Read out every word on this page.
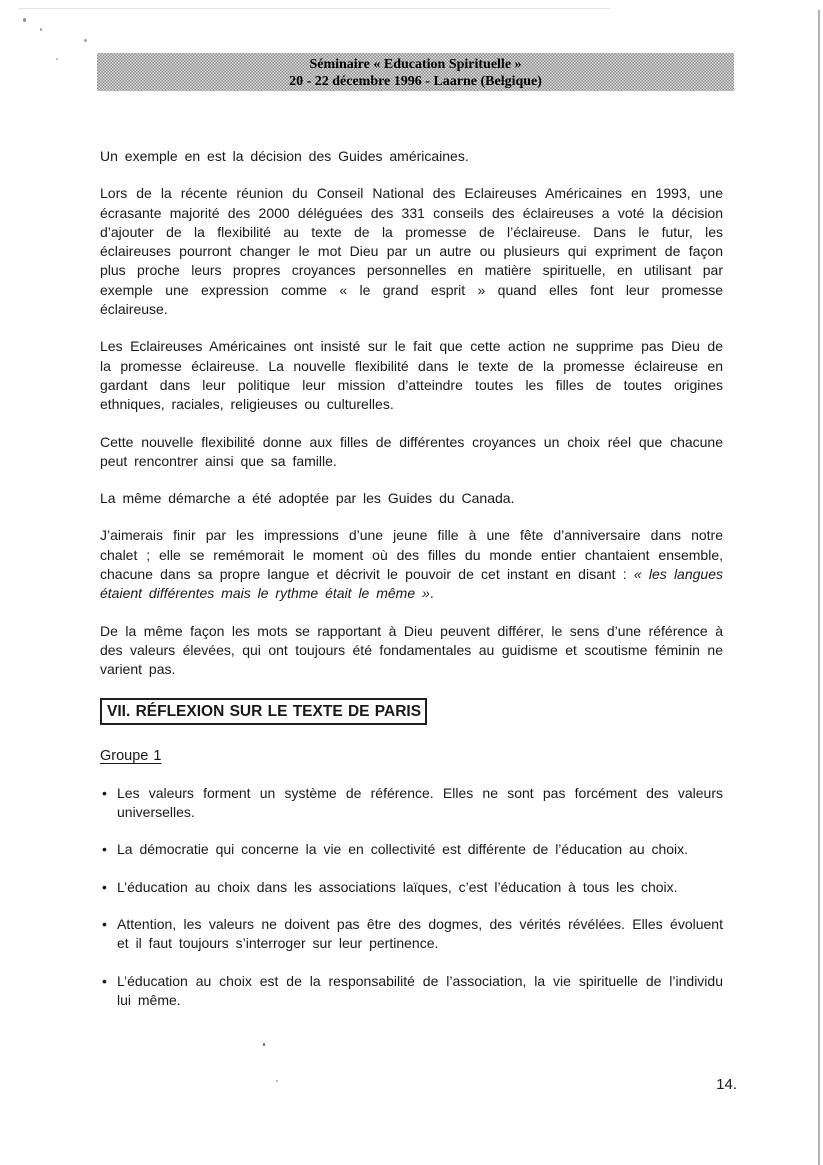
Séminaire « Education Spirituelle »
20 - 22 décembre 1996 - Laarne (Belgique)

Un exemple en est la décision des Guides américaines.

Lors de la récente réunion du Conseil National des Eclaireuses Américaines en 1993, une écrasante majorité des 2000 déléguées des 331 conseils des éclaireuses a voté la décision d’ajouter de la flexibilité au texte de la promesse de l’éclaireuse. Dans le futur, les éclaireuses pourront changer le mot Dieu par un autre ou plusieurs qui expriment de façon plus proche leurs propres croyances personnelles en matière spirituelle, en utilisant par exemple une expression comme « le grand esprit » quand elles font leur promesse éclaireuse.

Les Eclaireuses Américaines ont insisté sur le fait que cette action ne supprime pas Dieu de la promesse éclaireuse. La nouvelle flexibilité dans le texte de la promesse éclaireuse en gardant dans leur politique leur mission d’atteindre toutes les filles de toutes origines ethniques, raciales, religieuses ou culturelles.

Cette nouvelle flexibilité donne aux filles de différentes croyances un choix réel que chacune peut rencontrer ainsi que sa famille.

La même démarche a été adoptée par les Guides du Canada.

J’aimerais finir par les impressions d’une jeune fille à une fête d’anniversaire dans notre chalet ; elle se remémorait le moment où des filles du monde entier chantaient ensemble, chacune dans sa propre langue et décrivit le pouvoir de cet instant en disant : « les langues étaient différentes mais le rythme était le même ».

De la même façon les mots se rapportant à Dieu peuvent différer, le sens d’une référence à des valeurs élevées, qui ont toujours été fondamentales au guidisme et scoutisme féminin ne varient pas.

VII. RÉFLEXION SUR LE TEXTE DE PARIS

Groupe 1

• Les valeurs forment un système de référence. Elles ne sont pas forcément des valeurs universelles.
• La démocratie qui concerne la vie en collectivité est différente de l’éducation au choix.
• L’éducation au choix dans les associations laïques, c’est l’éducation à tous les choix.
• Attention, les valeurs ne doivent pas être des dogmes, des vérités révélées. Elles évoluent et il faut toujours s’interroger sur leur pertinence.
• L’éducation au choix est de la responsabilité de l’association, la vie spirituelle de l’individu lui même.
14.
